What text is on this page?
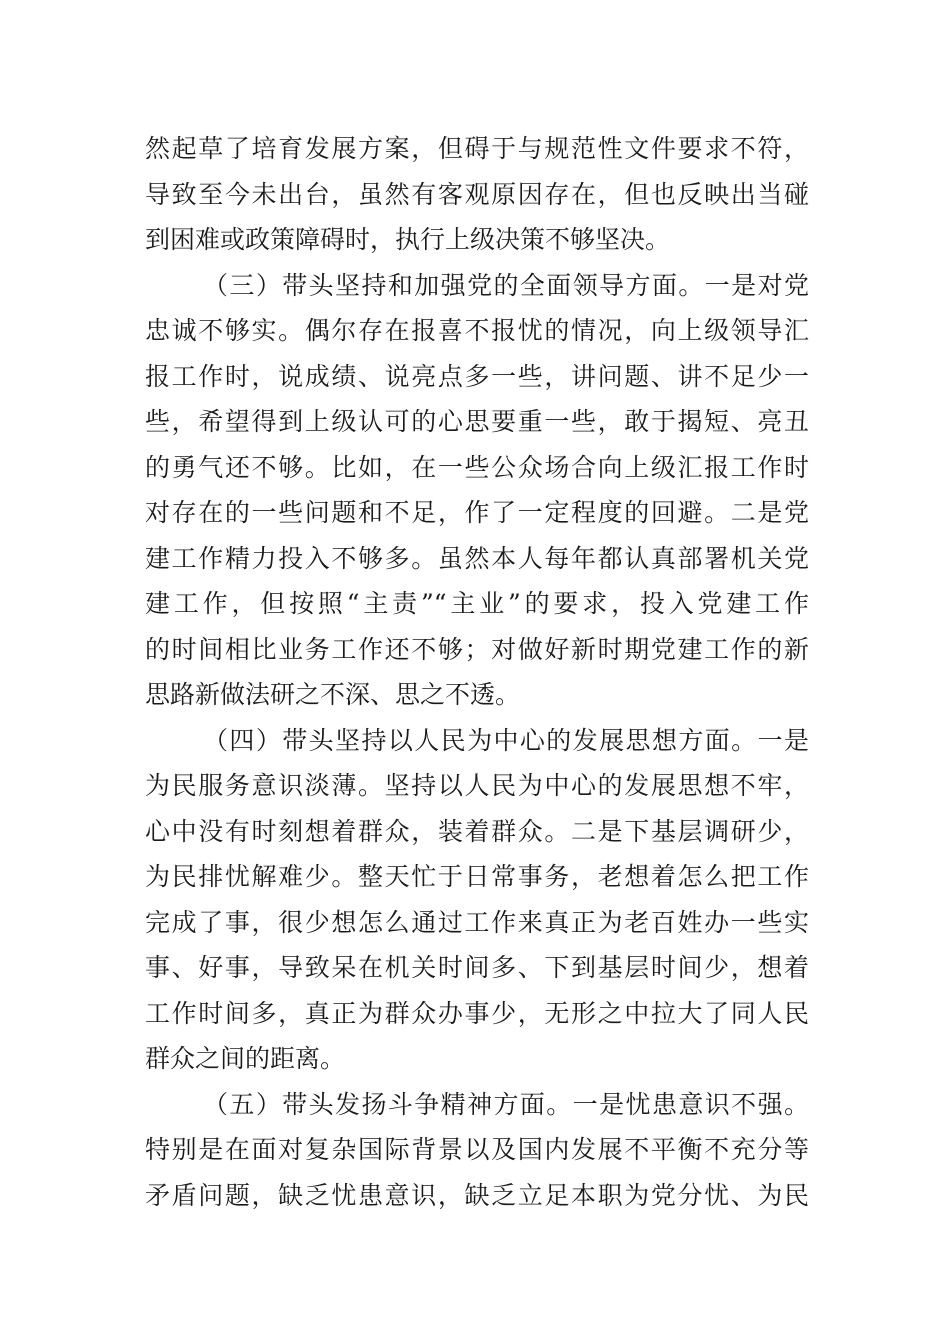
然起草了培育发展方案，但碍于与规范性文件要求不符，
导致至今未出台，虽然有客观原因存在，但也反映出当碰
到困难或政策障碍时，执行上级决策不够坚决。
（三）带头坚持和加强党的全面领导方面。一是对党
忠诚不够实。偶尔存在报喜不报忧的情况，向上级领导汇
报工作时，说成绩、说亮点多一些，讲问题、讲不足少一
些，希望得到上级认可的心思要重一些，敢于揭短、亮丑
的勇气还不够。比如，在一些公众场合向上级汇报工作时
对存在的一些问题和不足，作了一定程度的回避。二是党
建工作精力投入不够多。虽然本人每年都认真部署机关党
建工作，但按照“主责”“主业”的要求，投入党建工作
的时间相比业务工作还不够；对做好新时期党建工作的新
思路新做法研之不深、思之不透。
（四）带头坚持以人民为中心的发展思想方面。一是
为民服务意识淡薄。坚持以人民为中心的发展思想不牢，
心中没有时刻想着群众，装着群众。二是下基层调研少，
为民排忧解难少。整天忙于日常事务，老想着怎么把工作
完成了事，很少想怎么通过工作来真正为老百姓办一些实
事、好事，导致呆在机关时间多、下到基层时间少，想着
工作时间多，真正为群众办事少，无形之中拉大了同人民
群众之间的距离。
（五）带头发扬斗争精神方面。一是忧患意识不强。
特别是在面对复杂国际背景以及国内发展不平衡不充分等
矛盾问题，缺乏忧患意识，缺乏立足本职为党分忧、为民
